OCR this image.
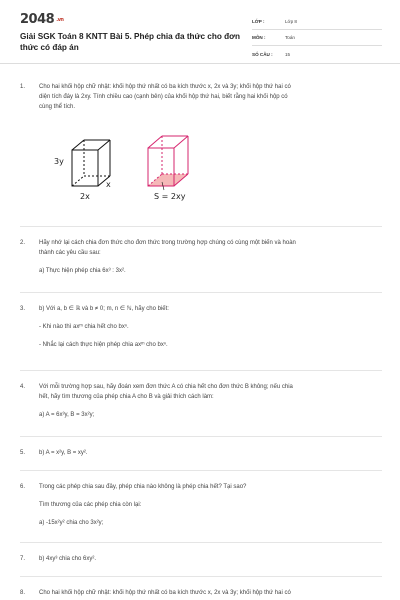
2048 .vn
Giải SGK Toán 8 KNTT Bài 5. Phép chia đa thức cho đơn thức có đáp án
LỚP :	Lớp 8
MÔN :	Toán
SỐ CÂU :	15
1.	Cho hai khối hộp chữ nhật: khối hộp thứ nhất có ba kích thước x, 2x và 3y; khối hộp thứ hai có
diện tích đáy là 2xy. Tính chiều cao (cạnh bên) của khối hộp thứ hai, biết rằng hai khối hộp có
cùng thể tích.
3y
x
2x	S = 2xy
2.	Hãy nhớ lại cách chia đơn thức cho đơn thức trong trường hợp chúng có cùng một biến và hoàn
thành các yêu cầu sau:
a) Thực hiện phép chia 6x³ : 3x².
3.	b) Với a, b ∈ ℝ và b ≠ 0; m, n ∈ ℕ, hãy cho biết:
- Khi nào thì axᵐ chia hết cho bxⁿ.
- Nhắc lại cách thực hiện phép chia axᵐ cho bxⁿ.
4.	Với mỗi trường hợp sau, hãy đoán xem đơn thức A có chia hết cho đơn thức B không; nếu chia
hết, hãy tìm thương của phép chia A cho B và giải thích cách làm:
a) A = 6x³y, B = 3x²y;
5.	b) A = x²y, B = xy².
6.	Trong các phép chia sau đây, phép chia nào không là phép chia hết? Tại sao?
Tìm thương của các phép chia còn lại:
a) -15x²y² chia cho 3x²y;
7.	b) 4xy³ chia cho 6xy².
8.	Cho hai khối hộp chữ nhật: khối hộp thứ nhất có ba kích thước x, 2x và 3y; khối hộp thứ hai có
